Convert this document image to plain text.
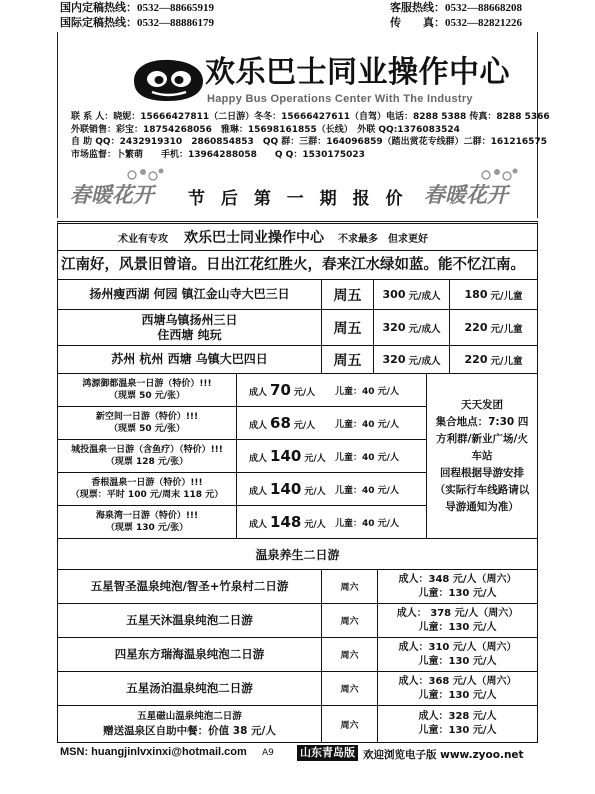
国内定稿热线：0532—88665919
国际定稿热线：0532—88886179
客服热线：0532—88668208
传　　真：0532—82821226
欢乐巴士同业操作中心
Happy Bus Operations Center With The Industry
联 系 人：晓妮：15666427811（二日游）冬冬：15666427611（自驾）电话：8288 5388 传真：8288 5366
外联销售：彩宝：18754268056　雅琳：15698161855（长线）　外联 QQ:1376083524
自 助 QQ：2432919310　2860854853　QQ 群：三群：164096859（踏出赏花专线群）二群：161216575
市场监督：卜繁萌　　手机：13964288058　　Q Q：1530175023
春暖花开 节 后 第 一 期 报 价 春暖花开
术业有专攻 欢乐巴士同业操作中心 不求最多　但求更好
江南好，风景旧曾谙。日出江花红胜火，春来江水绿如蓝。能不忆江南。
扬州瘦西湖 何园 镇江金山寺大巴三日	周五	300 元/成人 180 元/儿童
西塘乌镇扬州三日
住西塘 纯玩	周五	320 元/成人 220 元/儿童
苏州 杭州 西塘 乌镇大巴四日	周五	320 元/成人 220 元/儿童
鸿源御都温泉一日游（特价）!!!
（现票 50 元/张）	成人 70 元/人 儿童：40 元/人
新空间一日游（特价）!!!
（现票 50 元/张）	成人 68 元/人 儿童：40 元/人
城投温泉一日游（含鱼疗）（特价）!!!
（现票 128 元/张）	成人 140 元/人 儿童：40 元/人
香根温泉一日游（特价）!!!
（现票：平时 100 元/周末 118 元）	成人 140 元/人 儿童：40 元/人
海泉湾一日游（特价）!!!
（现票 130 元/张）	成人 148 元/人 儿童：40 元/人
天天发团
集合地点：7:30 四方利群/新业广场/火车站
回程根据导游安排（实际行车线路请以导游通知为准）
温泉养生二日游
五星智圣温泉纯泡/智圣+竹泉村二日游	周六
成人：348 元/人（周六）
儿童：130 元/人
五星天沐温泉纯泡二日游	周六
成人： 378 元/人（周六）
儿童：130 元/人
四星东方瑞海温泉纯泡二日游	周六
成人：310 元/人（周六）
儿童：130 元/人
五星汤泊温泉纯泡二日游	周六
成人：368 元/人（周六）
儿童：130 元/人
五星磁山温泉纯泡二日游
赠送温泉区自助中餐：价值 38 元/人	周六
成人：328 元/人
儿童：130 元/人
MSN: huangjinlvxinxi@hotmail.com A9 山东青岛版 欢迎浏览电子版 www.zyoo.net
